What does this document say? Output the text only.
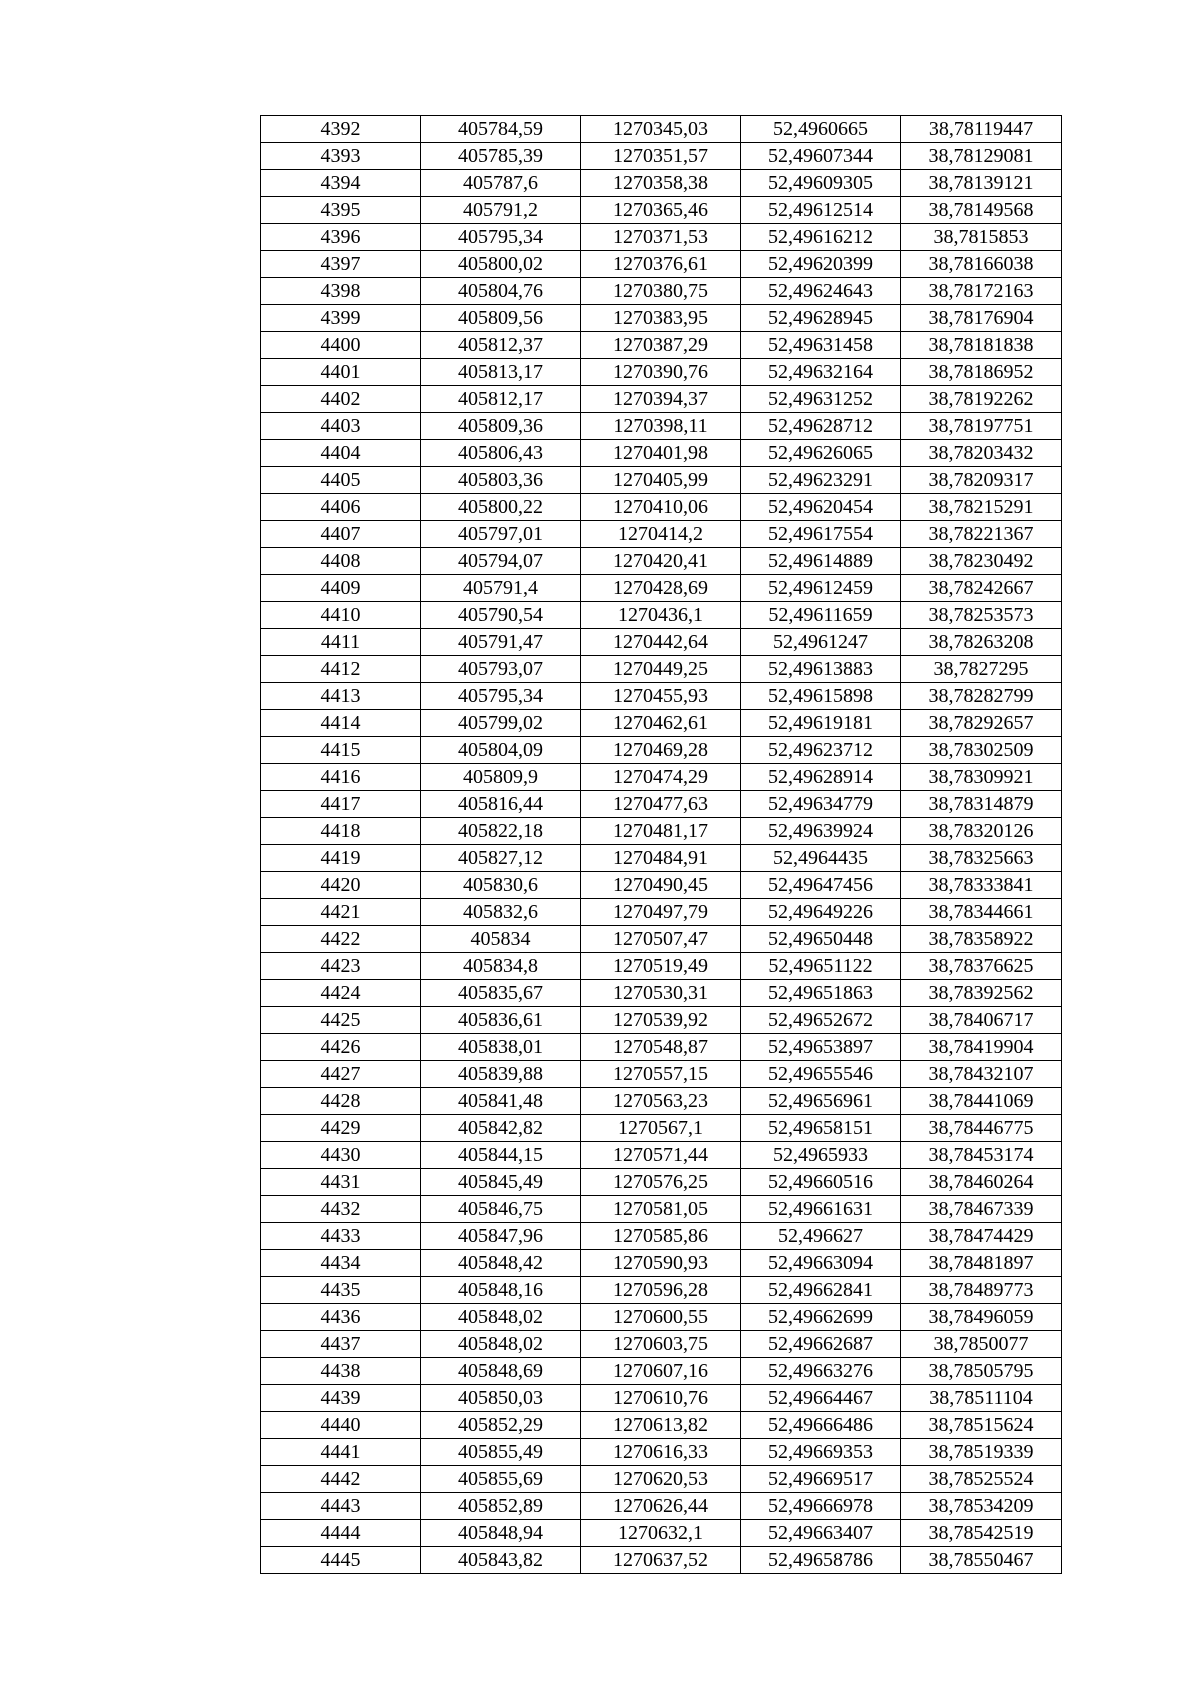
4392	405784,59	1270345,03	52,4960665	38,78119447
4393	405785,39	1270351,57	52,49607344	38,78129081
4394	405787,6	1270358,38	52,49609305	38,78139121
4395	405791,2	1270365,46	52,49612514	38,78149568
4396	405795,34	1270371,53	52,49616212	38,7815853
4397	405800,02	1270376,61	52,49620399	38,78166038
4398	405804,76	1270380,75	52,49624643	38,78172163
4399	405809,56	1270383,95	52,49628945	38,78176904
4400	405812,37	1270387,29	52,49631458	38,78181838
4401	405813,17	1270390,76	52,49632164	38,78186952
4402	405812,17	1270394,37	52,49631252	38,78192262
4403	405809,36	1270398,11	52,49628712	38,78197751
4404	405806,43	1270401,98	52,49626065	38,78203432
4405	405803,36	1270405,99	52,49623291	38,78209317
4406	405800,22	1270410,06	52,49620454	38,78215291
4407	405797,01	1270414,2	52,49617554	38,78221367
4408	405794,07	1270420,41	52,49614889	38,78230492
4409	405791,4	1270428,69	52,49612459	38,78242667
4410	405790,54	1270436,1	52,49611659	38,78253573
4411	405791,47	1270442,64	52,4961247	38,78263208
4412	405793,07	1270449,25	52,49613883	38,7827295
4413	405795,34	1270455,93	52,49615898	38,78282799
4414	405799,02	1270462,61	52,49619181	38,78292657
4415	405804,09	1270469,28	52,49623712	38,78302509
4416	405809,9	1270474,29	52,49628914	38,78309921
4417	405816,44	1270477,63	52,49634779	38,78314879
4418	405822,18	1270481,17	52,49639924	38,78320126
4419	405827,12	1270484,91	52,4964435	38,78325663
4420	405830,6	1270490,45	52,49647456	38,78333841
4421	405832,6	1270497,79	52,49649226	38,78344661
4422	405834	1270507,47	52,49650448	38,78358922
4423	405834,8	1270519,49	52,49651122	38,78376625
4424	405835,67	1270530,31	52,49651863	38,78392562
4425	405836,61	1270539,92	52,49652672	38,78406717
4426	405838,01	1270548,87	52,49653897	38,78419904
4427	405839,88	1270557,15	52,49655546	38,78432107
4428	405841,48	1270563,23	52,49656961	38,78441069
4429	405842,82	1270567,1	52,49658151	38,78446775
4430	405844,15	1270571,44	52,4965933	38,78453174
4431	405845,49	1270576,25	52,49660516	38,78460264
4432	405846,75	1270581,05	52,49661631	38,78467339
4433	405847,96	1270585,86	52,496627	38,78474429
4434	405848,42	1270590,93	52,49663094	38,78481897
4435	405848,16	1270596,28	52,49662841	38,78489773
4436	405848,02	1270600,55	52,49662699	38,78496059
4437	405848,02	1270603,75	52,49662687	38,7850077
4438	405848,69	1270607,16	52,49663276	38,78505795
4439	405850,03	1270610,76	52,49664467	38,78511104
4440	405852,29	1270613,82	52,49666486	38,78515624
4441	405855,49	1270616,33	52,49669353	38,78519339
4442	405855,69	1270620,53	52,49669517	38,78525524
4443	405852,89	1270626,44	52,49666978	38,78534209
4444	405848,94	1270632,1	52,49663407	38,78542519
4445	405843,82	1270637,52	52,49658786	38,78550467
